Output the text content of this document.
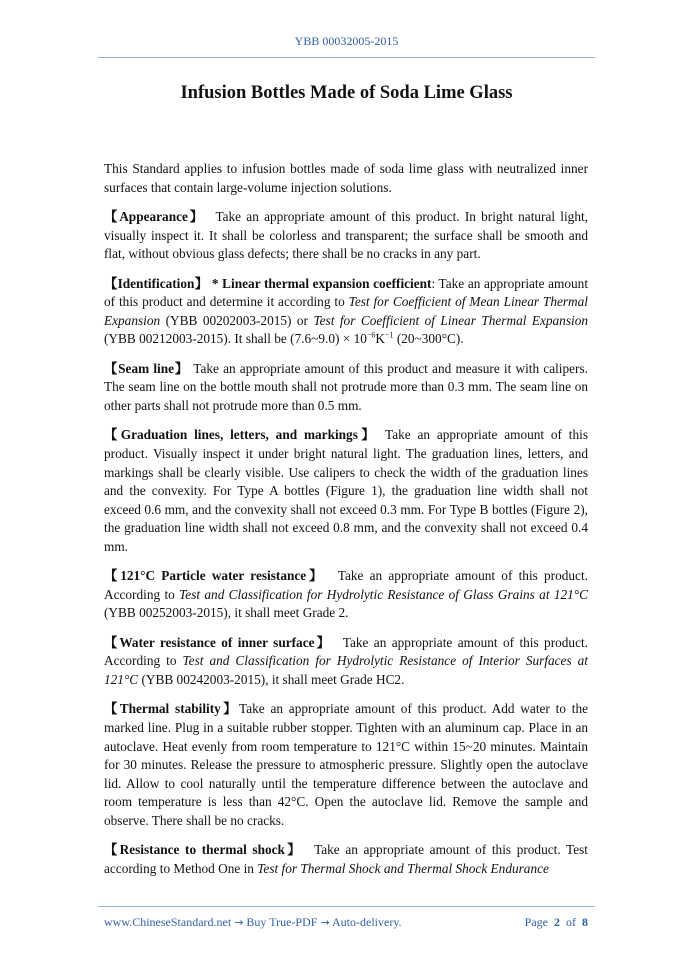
YBB 00032005-2015
Infusion Bottles Made of Soda Lime Glass

This Standard applies to infusion bottles made of soda lime glass with neutralized inner surfaces that contain large-volume injection solutions.

【Appearance】 Take an appropriate amount of this product. In bright natural light, visually inspect it. It shall be colorless and transparent; the surface shall be smooth and flat, without obvious glass defects; there shall be no cracks in any part.

【Identification】 * Linear thermal expansion coefficient: Take an appropriate amount of this product and determine it according to Test for Coefficient of Mean Linear Thermal Expansion (YBB 00202003-2015) or Test for Coefficient of Linear Thermal Expansion (YBB 00212003-2015). It shall be (7.6~9.0) × $10^{-6}K^{-1}$ (20~300°C).

【Seam line】 Take an appropriate amount of this product and measure it with calipers. The seam line on the bottle mouth shall not protrude more than 0.3 mm. The seam line on other parts shall not protrude more than 0.5 mm.

【Graduation lines, letters, and markings】 Take an appropriate amount of this product. Visually inspect it under bright natural light. The graduation lines, letters, and markings shall be clearly visible. Use calipers to check the width of the graduation lines and the convexity. For Type A bottles (Figure 1), the graduation line width shall not exceed 0.6 mm, and the convexity shall not exceed 0.3 mm. For Type B bottles (Figure 2), the graduation line width shall not exceed 0.8 mm, and the convexity shall not exceed 0.4 mm.

【121°C Particle water resistance】 Take an appropriate amount of this product. According to Test and Classification for Hydrolytic Resistance of Glass Grains at 121°C (YBB 00252003-2015), it shall meet Grade 2.

【Water resistance of inner surface】 Take an appropriate amount of this product. According to Test and Classification for Hydrolytic Resistance of Interior Surfaces at 121°C (YBB 00242003-2015), it shall meet Grade HC2.

【Thermal stability】Take an appropriate amount of this product. Add water to the marked line. Plug in a suitable rubber stopper. Tighten with an aluminum cap. Place in an autoclave. Heat evenly from room temperature to 121°C within 15~20 minutes. Maintain for 30 minutes. Release the pressure to atmospheric pressure. Slightly open the autoclave lid. Allow to cool naturally until the temperature difference between the autoclave and room temperature is less than 42°C. Open the autoclave lid. Remove the sample and observe. There shall be no cracks.

【Resistance to thermal shock】 Take an appropriate amount of this product. Test according to Method One in Test for Thermal Shock and Thermal Shock Endurance

www.ChineseStandard.net → Buy True-PDF → Auto-delivery.	Page 2 of 8
